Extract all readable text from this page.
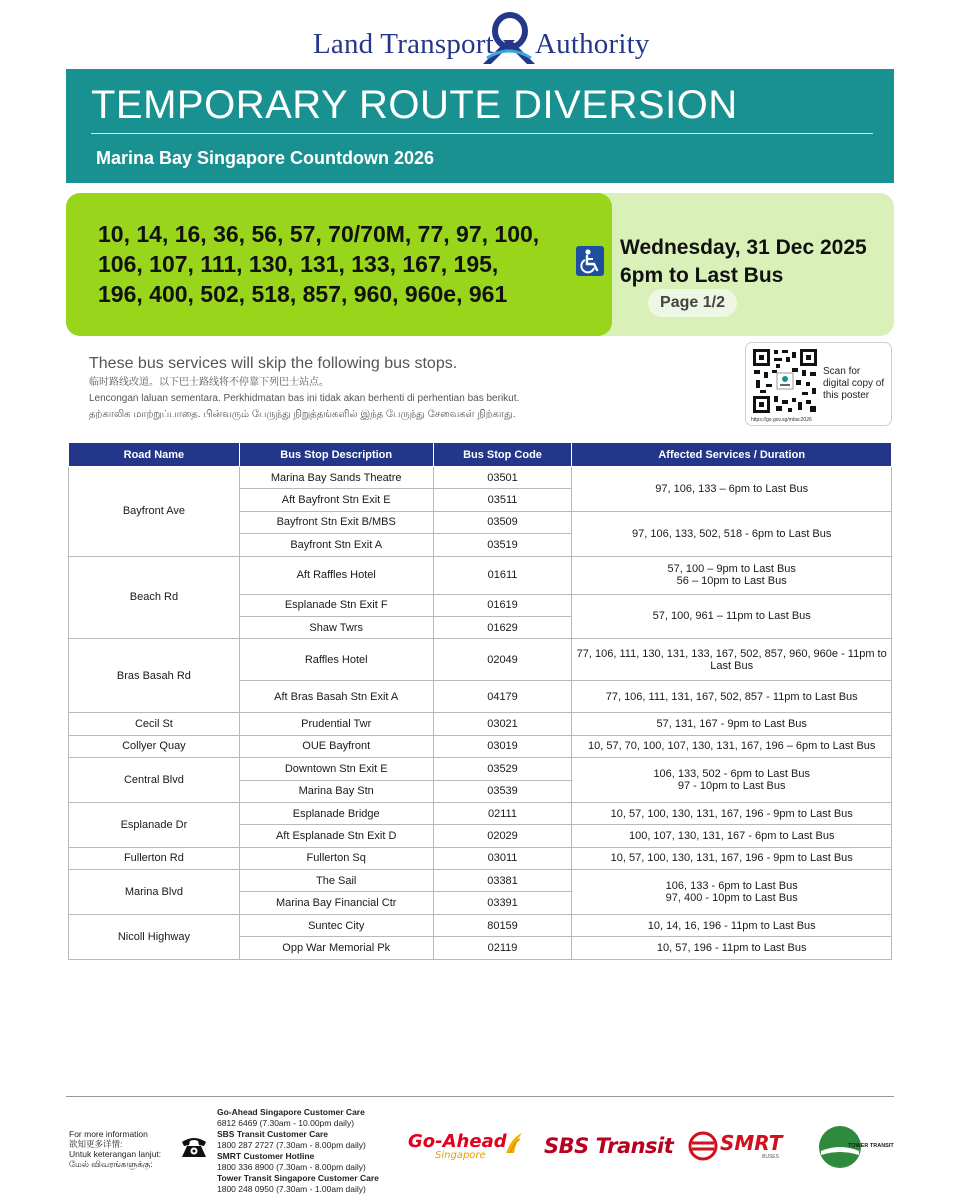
Land Transport Authority
TEMPORARY ROUTE DIVERSION
Marina Bay Singapore Countdown 2026
10, 14, 16, 36, 56, 57, 70/70M, 77, 97, 100,
106, 107, 111, 130, 131, 133, 167, 195,
196, 400, 502, 518, 857, 960, 960e, 961
Wednesday, 31 Dec 2025
6pm to Last Bus
Page 1/2
These bus services will skip the following bus stops.
临时路线改道。以下巴士路线将不停靠下列巴士站点。
Lencongan laluan sementara. Perkhidmatan bas ini tidak akan berhenti di perhentian bas berikut.
தற்காலிக மாற்றுப்பாதை. பின்வரும் பேருந்து நிறுத்தங்களில் இந்த பேருந்து சேவைகள் நிற்காது.
Scan for
digital copy of
this poster
https://go.gov.sg/mbsc2026
Road Name	Bus Stop Description	Bus Stop Code	Affected Services / Duration
Bayfront Ave	Marina Bay Sands Theatre	03501	97, 106, 133 – 6pm to Last Bus
	Aft Bayfront Stn Exit E	03511	
	Bayfront Stn Exit B/MBS	03509	97, 106, 133, 502, 518 - 6pm to Last Bus
	Bayfront Stn Exit A	03519	
Beach Rd	Aft Raffles Hotel	01611	57, 100 – 9pm to Last Bus
56 – 10pm to Last Bus

	Esplanade Stn Exit F	01619	57, 100, 961 – 11pm to Last Bus
	Shaw Twrs	01629	
Bras Basah Rd	Raffles Hotel	02049	77, 106, 111, 130, 131, 133, 167, 502, 857, 960, 960e - 11pm to Last Bus
	Aft Bras Basah Stn Exit A	04179	77, 106, 111, 131, 167, 502, 857 - 11pm to Last Bus
Cecil St	Prudential Twr	03021	57, 131, 167 - 9pm to Last Bus
Collyer Quay	OUE Bayfront	03019	10, 57, 70, 100, 107, 130, 131, 167, 196 – 6pm to Last Bus
Central Blvd	Downtown Stn Exit E	03529	106, 133, 502 - 6pm to Last Bus
97 - 10pm to Last Bus

	Marina Bay Stn	03539	
Esplanade Dr	Esplanade Bridge	02111	10, 57, 100, 130, 131, 167, 196 - 9pm to Last Bus
	Aft Esplanade Stn Exit D	02029	100, 107, 130, 131, 167 - 6pm to Last Bus
Fullerton Rd	Fullerton Sq	03011	10, 57, 100, 130, 131, 167, 196 - 9pm to Last Bus
Marina Blvd	The Sail	03381	106, 133 - 6pm to Last Bus
97, 400 - 10pm to Last Bus

	Marina Bay Financial Ctr	03391	
Nicoll Highway	Suntec City	80159	10, 14, 16, 196 - 11pm to Last Bus
	Opp War Memorial Pk	02119	10, 57, 196 - 11pm to Last Bus
For more information
欲知更多详情:
Untuk keterangan lanjut:
மேல் விவரங்களுக்கு:
Go-Ahead Singapore Customer Care
6812 6469 (7.30am - 10.00pm daily)
SBS Transit Customer Care
1800 287 2727 (7.30am - 8.00pm daily)
SMRT Customer Hotline
1800 336 8900 (7.30am - 8.00pm daily)
Tower Transit Singapore Customer Care
1800 248 0950 (7.30am - 1.00am daily)
Go-Ahead
Singapore	SBS Transit SMRT
BUSES
TOWER TRANSIT
